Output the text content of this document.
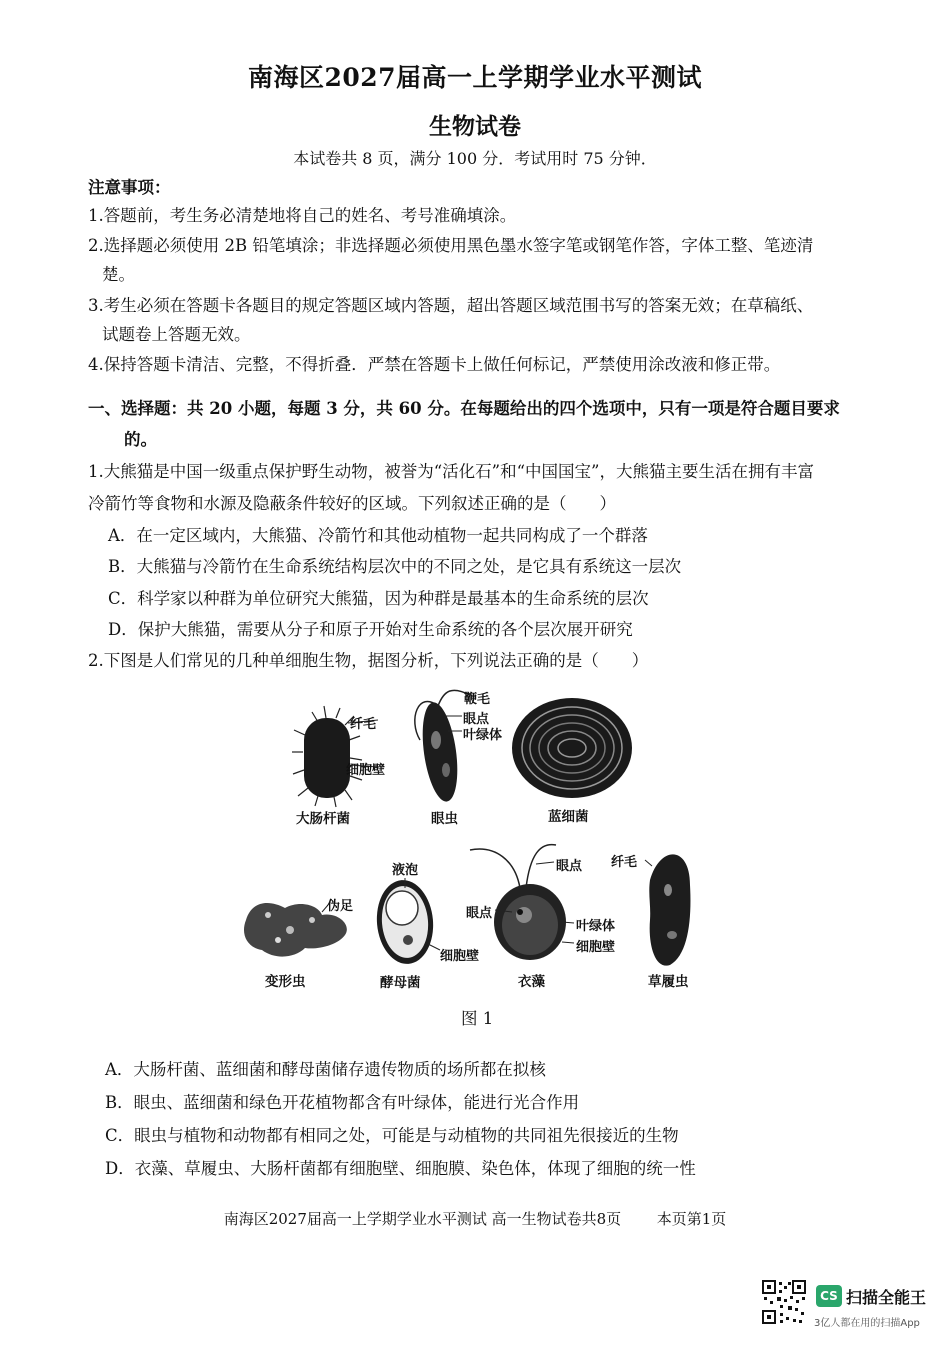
南海区2027届高一上学期学业水平测试
生物试卷
本试卷共 8 页，满分 100 分．考试用时 75 分钟．
注意事项：
1.答题前，考生务必清楚地将自己的姓名、考号准确填涂。
2.选择题必须使用 2B 铅笔填涂；非选择题必须使用黑色墨水签字笔或钢笔作答，字体工整、笔迹清
楚。
3.考生必须在答题卡各题目的规定答题区域内答题，超出答题区域范围书写的答案无效；在草稿纸、
试题卷上答题无效。
4.保持答题卡清洁、完整，不得折叠．严禁在答题卡上做任何标记，严禁使用涂改液和修正带。
一、选择题：共 20 小题，每题 3 分，共 60 分。在每题给出的四个选项中，只有一项是符合题目要求
的。
1.大熊猫是中国一级重点保护野生动物，被誉为“活化石”和“中国国宝”，大熊猫主要生活在拥有丰富
冷箭竹等食物和水源及隐蔽条件较好的区域。下列叙述正确的是（　　）
A．在一定区域内，大熊猫、冷箭竹和其他动植物一起共同构成了一个群落
B．大熊猫与冷箭竹在生命系统结构层次中的不同之处，是它具有系统这一层次
C．科学家以种群为单位研究大熊猫，因为种群是最基本的生命系统的层次
D．保护大熊猫，需要从分子和原子开始对生命系统的各个层次展开研究
2.下图是人们常见的几种单细胞生物，据图分析，下列说法正确的是（　　）
纤毛
细胞壁
大肠杆菌
鞭毛
眼点
叶绿体
眼虫	蓝细菌
液泡
伪足
细胞壁
变形虫	酵母菌
眼点
眼点
叶绿体
细胞壁
衣藻
纤毛
草履虫
图 1
A．大肠杆菌、蓝细菌和酵母菌储存遗传物质的场所都在拟核
B．眼虫、蓝细菌和绿色开花植物都含有叶绿体，能进行光合作用
C．眼虫与植物和动物都有相同之处，可能是与动植物的共同祖先很接近的生物
D．衣藻、草履虫、大肠杆菌都有细胞壁、细胞膜、染色体，体现了细胞的统一性
南海区2027届高一上学期学业水平测试 高一生物试卷共8页 本页第1页
CS 扫描全能王
3亿人都在用的扫描App
